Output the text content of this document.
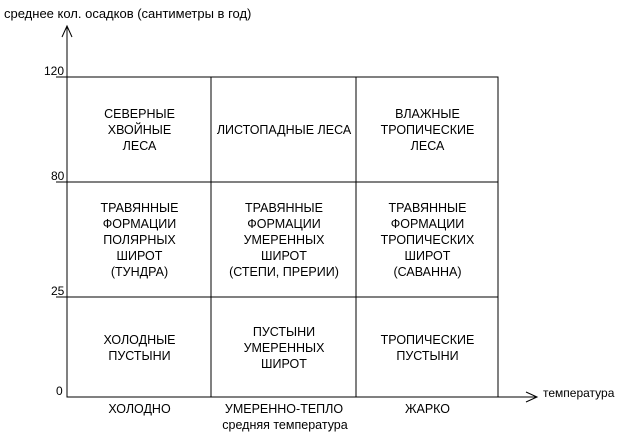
среднее кол. осадков (сантиметры в год)
температура
120
80
25
0
СЕВЕРНЫЕ
ХВОЙНЫЕ
ЛЕСА
ЛИСТОПАДНЫЕ ЛЕСА
ВЛАЖНЫЕ
ТРОПИЧЕСКИЕ
ЛЕСА
ТРАВЯННЫЕ
ФОРМАЦИИ
ПОЛЯРНЫХ
ШИРОТ
(ТУНДРА)
ТРАВЯННЫЕ
ФОРМАЦИИ
УМЕРЕННЫХ
ШИРОТ
(СТЕПИ, ПРЕРИИ)
ТРАВЯННЫЕ
ФОРМАЦИИ
ТРОПИЧЕСКИХ
ШИРОТ
(САВАННА)
ХОЛОДНЫЕ
ПУСТЫНИ
ПУСТЫНИ
УМЕРЕННЫХ
ШИРОТ
ТРОПИЧЕСКИЕ
ПУСТЫНИ
ХОЛОДНО	УМЕРЕННО-ТЕПЛО	ЖАРКО
средняя температура
